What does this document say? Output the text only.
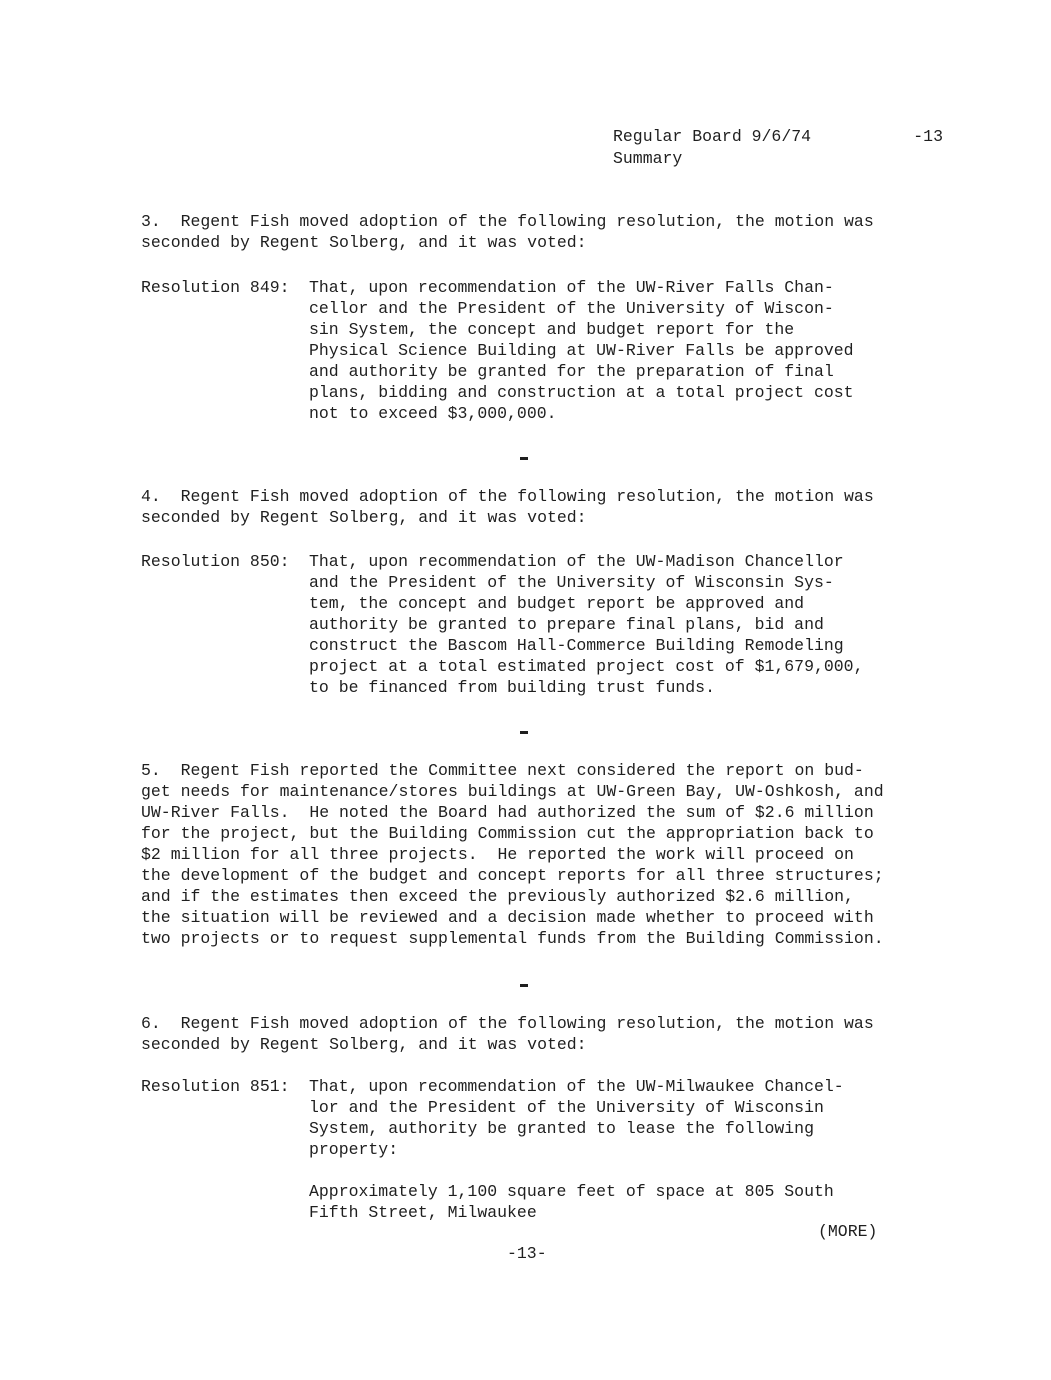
Regular Board 9/6/74	-13
Summary
3.  Regent Fish moved adoption of the following resolution, the motion was
seconded by Regent Solberg, and it was voted:
Resolution 849: That, upon recommendation of the UW-River Falls Chan-
cellor and the President of the University of Wiscon-
sin System, the concept and budget report for the
Physical Science Building at UW-River Falls be approved
and authority be granted for the preparation of final
plans, bidding and construction at a total project cost
not to exceed $3,000,000.
4.  Regent Fish moved adoption of the following resolution, the motion was
seconded by Regent Solberg, and it was voted:
Resolution 850: That, upon recommendation of the UW-Madison Chancellor
and the President of the University of Wisconsin Sys-
tem, the concept and budget report be approved and
authority be granted to prepare final plans, bid and
construct the Bascom Hall-Commerce Building Remodeling
project at a total estimated project cost of $1,679,000,
to be financed from building trust funds.
5.  Regent Fish reported the Committee next considered the report on bud-
get needs for maintenance/stores buildings at UW-Green Bay, UW-Oshkosh, and
UW-River Falls.  He noted the Board had authorized the sum of $2.6 million
for the project, but the Building Commission cut the appropriation back to
$2 million for all three projects.  He reported the work will proceed on
the development of the budget and concept reports for all three structures;
and if the estimates then exceed the previously authorized $2.6 million,
the situation will be reviewed and a decision made whether to proceed with
two projects or to request supplemental funds from the Building Commission.
6.  Regent Fish moved adoption of the following resolution, the motion was
seconded by Regent Solberg, and it was voted:
Resolution 851: That, upon recommendation of the UW-Milwaukee Chancel-
lor and the President of the University of Wisconsin
System, authority be granted to lease the following
property:
Approximately 1,100 square feet of space at 805 South
Fifth Street, Milwaukee
(MORE)
-13-
